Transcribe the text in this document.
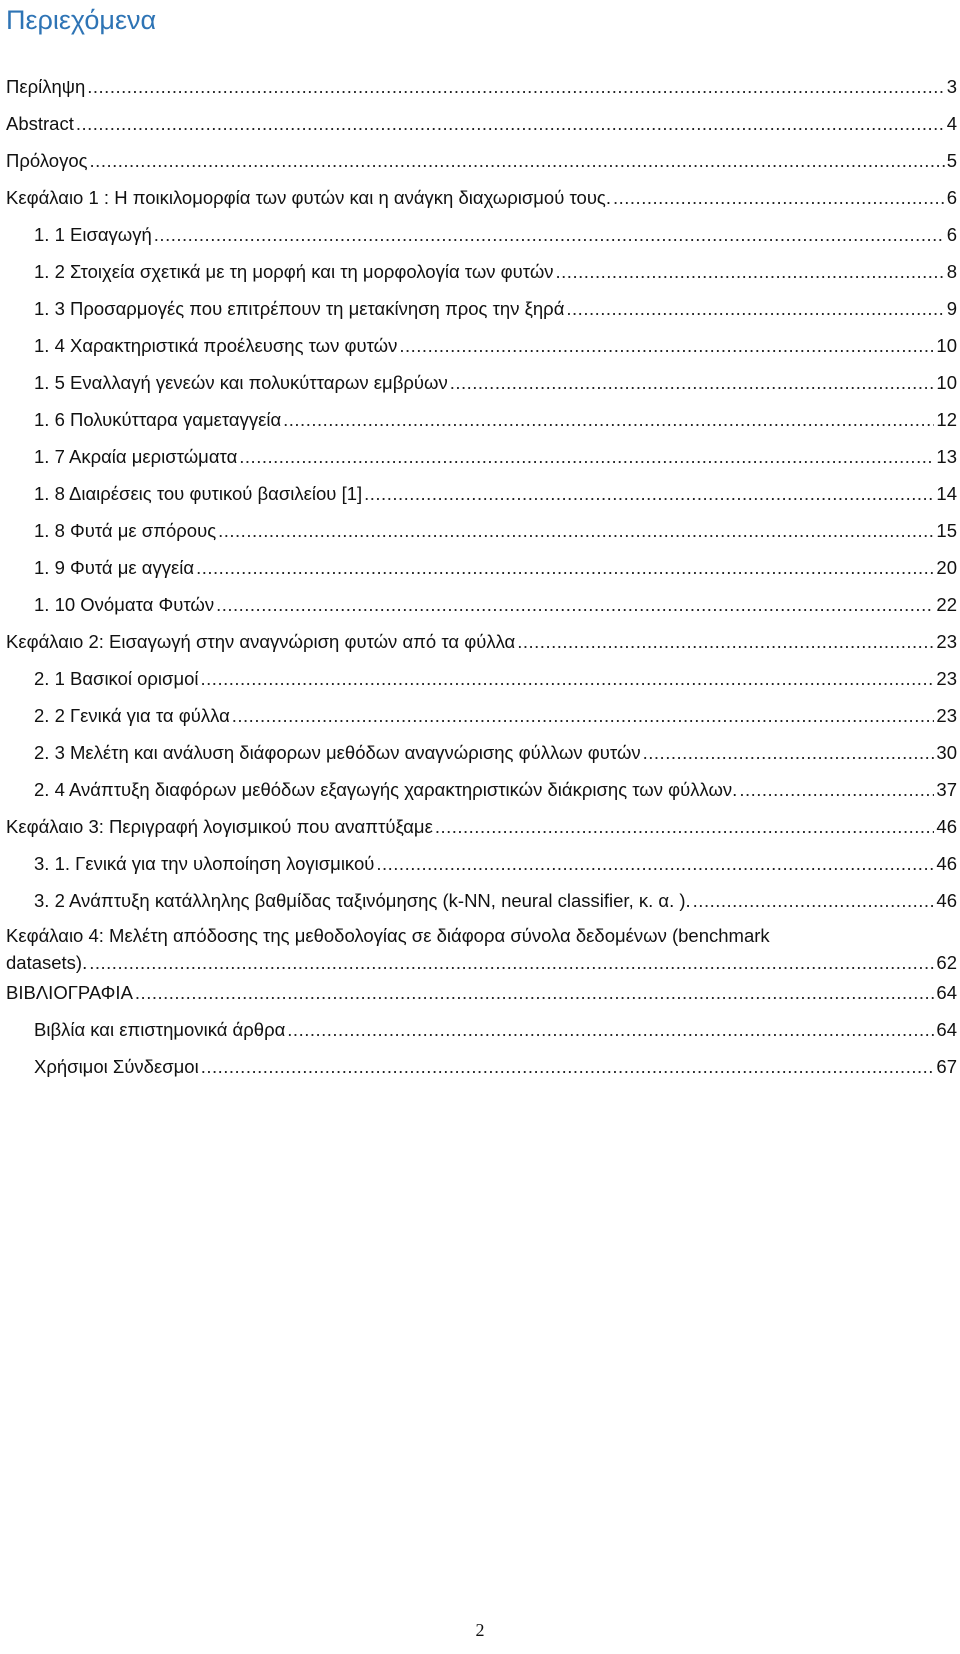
Περιεχόμενα
Περίληψη .....	3
Abstract .....	4
Πρόλογος .....	5
Κεφάλαιο 1 : Η ποικιλομορφία των φυτών και η ανάγκη διαχωρισμού τους. .....	6
1. 1 Εισαγωγή .....	6
1. 2 Στοιχεία σχετικά με τη μορφή και τη μορφολογία των φυτών .....	8
1. 3 Προσαρμογές που επιτρέπουν τη μετακίνηση προς την ξηρά .....	9
1. 4 Χαρακτηριστικά προέλευσης των φυτών .....	10
1. 5 Εναλλαγή γενεών και πολυκύτταρων εμβρύων .....	10
1. 6 Πολυκύτταρα γαμεταγγεία .....	12
1. 7 Ακραία μεριστώματα .....	13
1. 8 Διαιρέσεις του φυτικού βασιλείου [1] .....	14
1. 8 Φυτά με σπόρους .....	15
1. 9 Φυτά με αγγεία .....	20
1. 10 Ονόματα Φυτών .....	22
Κεφάλαιο 2: Εισαγωγή στην αναγνώριση φυτών από τα φύλλα .....	23
2. 1 Βασικοί ορισμοί .....	23
2. 2 Γενικά για τα φύλλα .....	23
2. 3 Μελέτη και ανάλυση διάφορων μεθόδων αναγνώρισης φύλλων φυτών .....	30
2. 4 Ανάπτυξη διαφόρων μεθόδων εξαγωγής χαρακτηριστικών διάκρισης των φύλλων. .....	37
Κεφάλαιο 3: Περιγραφή λογισμικού που αναπτύξαμε .....	46
3. 1. Γενικά για την υλοποίηση λογισμικού .....	46
3. 2 Ανάπτυξη κατάλληλης βαθμίδας ταξινόμησης (k-NN, neural classifier, κ. α. ). .....	46
Κεφάλαιο 4: Μελέτη απόδοσης της μεθοδολογίας σε διάφορα σύνολα δεδομένων (benchmark
datasets). .....	62
ΒΙΒΛΙΟΓΡΑΦΙΑ .....	64
Βιβλία και επιστημονικά άρθρα .....	64
Χρήσιμοι Σύνδεσμοι .....	67
2
